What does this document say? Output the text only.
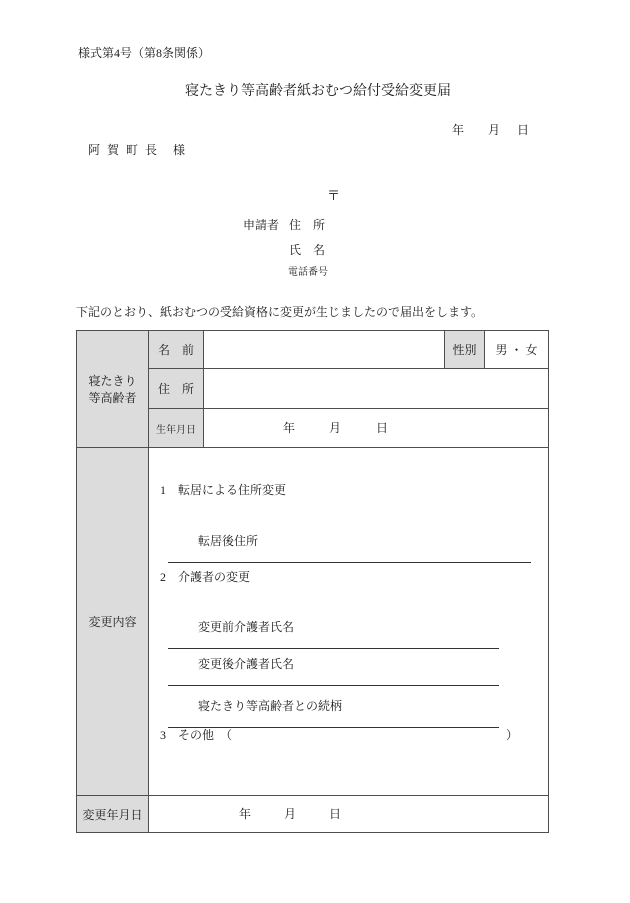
様式第4号（第8条関係）
寝たきり等高齢者紙おむつ給付受給変更届
年 月 日
阿賀町長 様
〒
申請者 住　所
氏　名
電話番号
下記のとおり、紙おむつの受給資格に変更が生じましたので届出をします。
寝たきり
等高齢者	名　前		性別	男 ・ 女
	住　所			
	生年月日	年 月 日		

変更内容	
1　転居による住所変更

転居後住所

2　介護者の変更

変更前介護者氏名

変更後介護者氏名

寝たきり等高齢者との続柄

3　その他　（	）

変更年月日	年 月 日			
